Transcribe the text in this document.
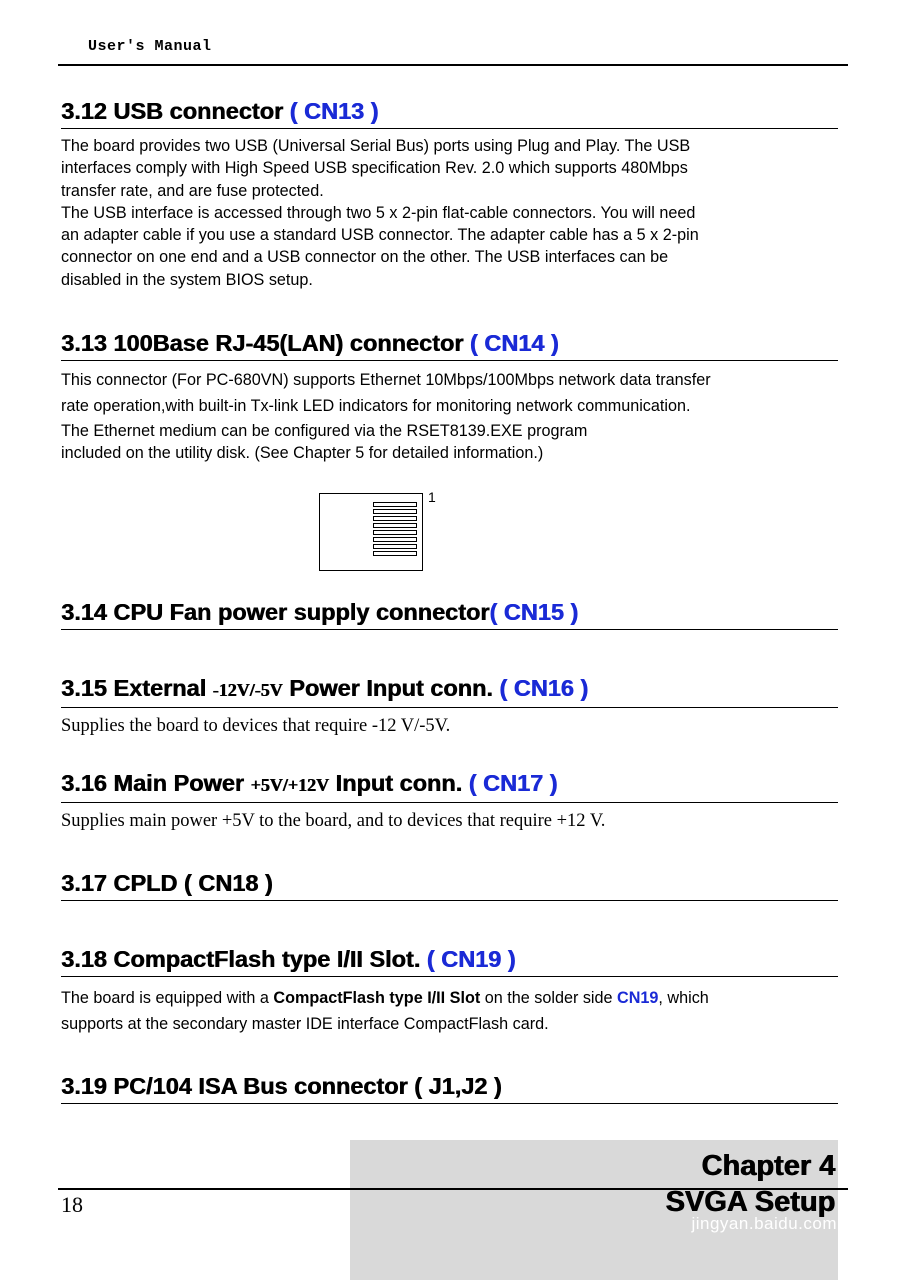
User's Manual
3.12 USB connector ( CN13 )
The board provides two USB (Universal Serial Bus) ports using Plug and Play. The USB
interfaces comply with High Speed USB specification Rev. 2.0 which supports 480Mbps
transfer rate, and are fuse protected.
The USB interface is accessed through two 5 x 2-pin flat-cable connectors. You will need
an adapter cable if you use a standard USB connector. The adapter cable has a 5 x 2-pin
connector on one end and a USB connector on the other. The USB interfaces can be
disabled in the system BIOS setup.
3.13 100Base RJ-45(LAN) connector ( CN14 )
This connector (For PC-680VN) supports Ethernet 10Mbps/100Mbps network data transfer
rate operation,with built-in Tx-link LED indicators for monitoring network communication.
The Ethernet medium can be configured via the RSET8139.EXE program
included on the utility disk. (See Chapter 5 for detailed information.)
1
3.14 CPU Fan power supply connector( CN15 )
3.15 External -12V/-5V Power Input conn. ( CN16 )
Supplies the board to devices that require -12 V/-5V.
3.16 Main Power +5V/+12V Input conn. ( CN17 )
Supplies main power +5V to the board, and to devices that require +12 V.
3.17 CPLD ( CN18 )
3.18 CompactFlash type I/II Slot. ( CN19 )
The board is equipped with a CompactFlash type I/II Slot on the solder side CN19, which
supports at the secondary master IDE interface CompactFlash card.
3.19 PC/104 ISA Bus connector ( J1,J2 )
18
Chapter 4
SVGA Setup
jingyan.baidu.com
